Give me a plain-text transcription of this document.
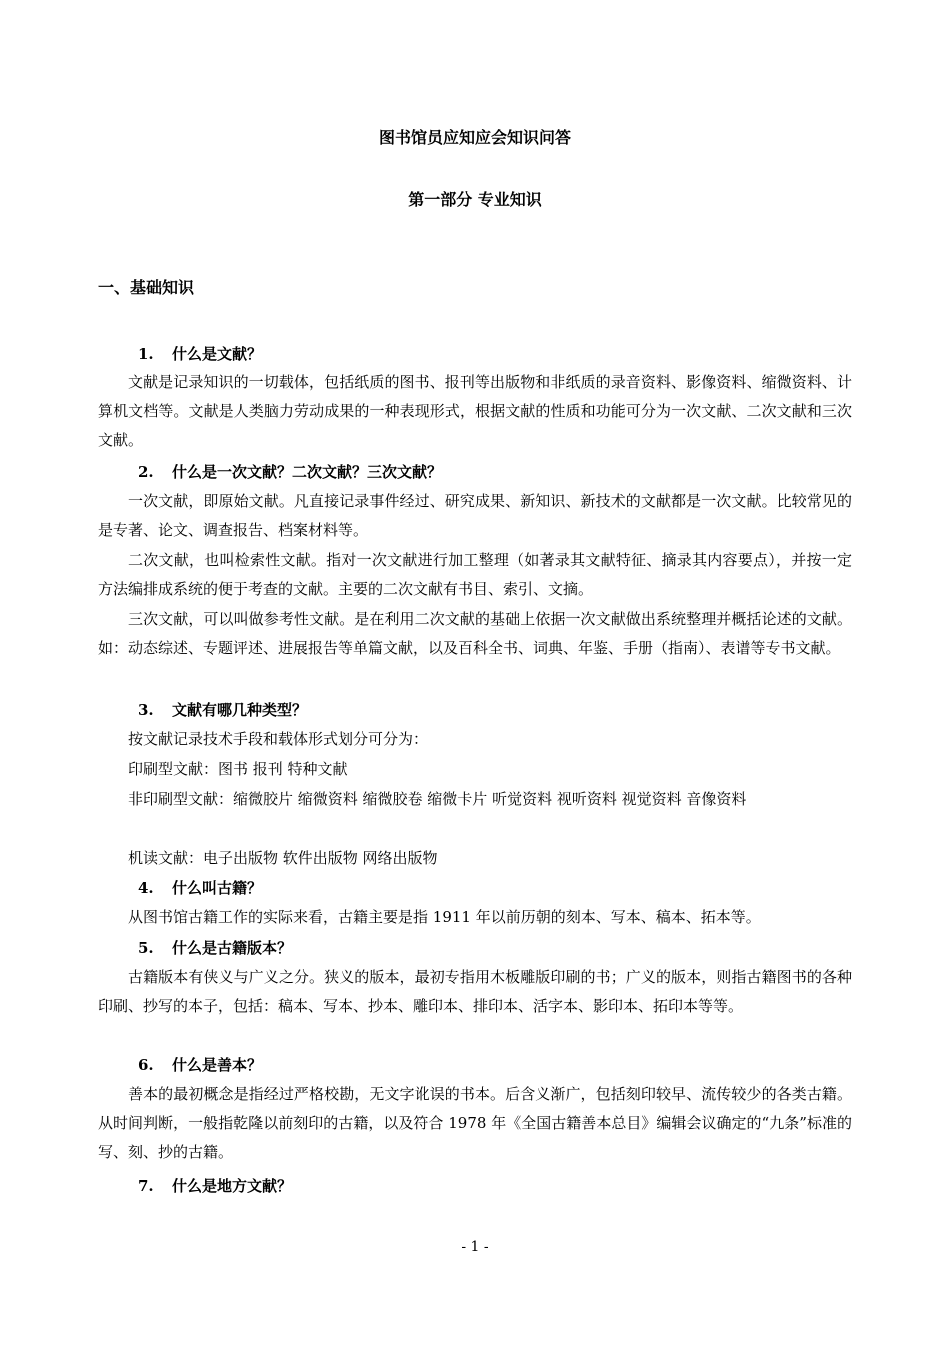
图书馆员应知应会知识问答
第一部分 专业知识
一、基础知识
1. 什么是文献？
文献是记录知识的一切载体，包括纸质的图书、报刊等出版物和非纸质的录音资料、影像资料、缩微资料、计算机文档等。文献是人类脑力劳动成果的一种表现形式，根据文献的性质和功能可分为一次文献、二次文献和三次文献。
2. 什么是一次文献？二次文献？三次文献？
一次文献，即原始文献。凡直接记录事件经过、研究成果、新知识、新技术的文献都是一次文献。比较常见的是专著、论文、调查报告、档案材料等。
二次文献，也叫检索性文献。指对一次文献进行加工整理（如著录其文献特征、摘录其内容要点），并按一定方法编排成系统的便于考查的文献。主要的二次文献有书目、索引、文摘。
三次文献，可以叫做参考性文献。是在利用二次文献的基础上依据一次文献做出系统整理并概括论述的文献。如：动态综述、专题评述、进展报告等单篇文献，以及百科全书、词典、年鉴、手册（指南）、表谱等专书文献。
3. 文献有哪几种类型？
按文献记录技术手段和载体形式划分可分为：
印刷型文献：图书 报刊 特种文献
非印刷型文献：缩微胶片 缩微资料 缩微胶卷 缩微卡片 听觉资料 视听资料 视觉资料 音像资料
机读文献：电子出版物 软件出版物 网络出版物
4. 什么叫古籍？
从图书馆古籍工作的实际来看，古籍主要是指 1911 年以前历朝的刻本、写本、稿本、拓本等。
5. 什么是古籍版本？
古籍版本有侠义与广义之分。狭义的版本，最初专指用木板雕版印刷的书；广义的版本，则指古籍图书的各种印刷、抄写的本子，包括：稿本、写本、抄本、雕印本、排印本、活字本、影印本、拓印本等等。
6. 什么是善本？
善本的最初概念是指经过严格校勘，无文字讹误的书本。后含义渐广，包括刻印较早、流传较少的各类古籍。从时间判断，一般指乾隆以前刻印的古籍，以及符合 1978 年《全国古籍善本总目》编辑会议确定的“九条”标准的写、刻、抄的古籍。
7. 什么是地方文献？
- 1 -
